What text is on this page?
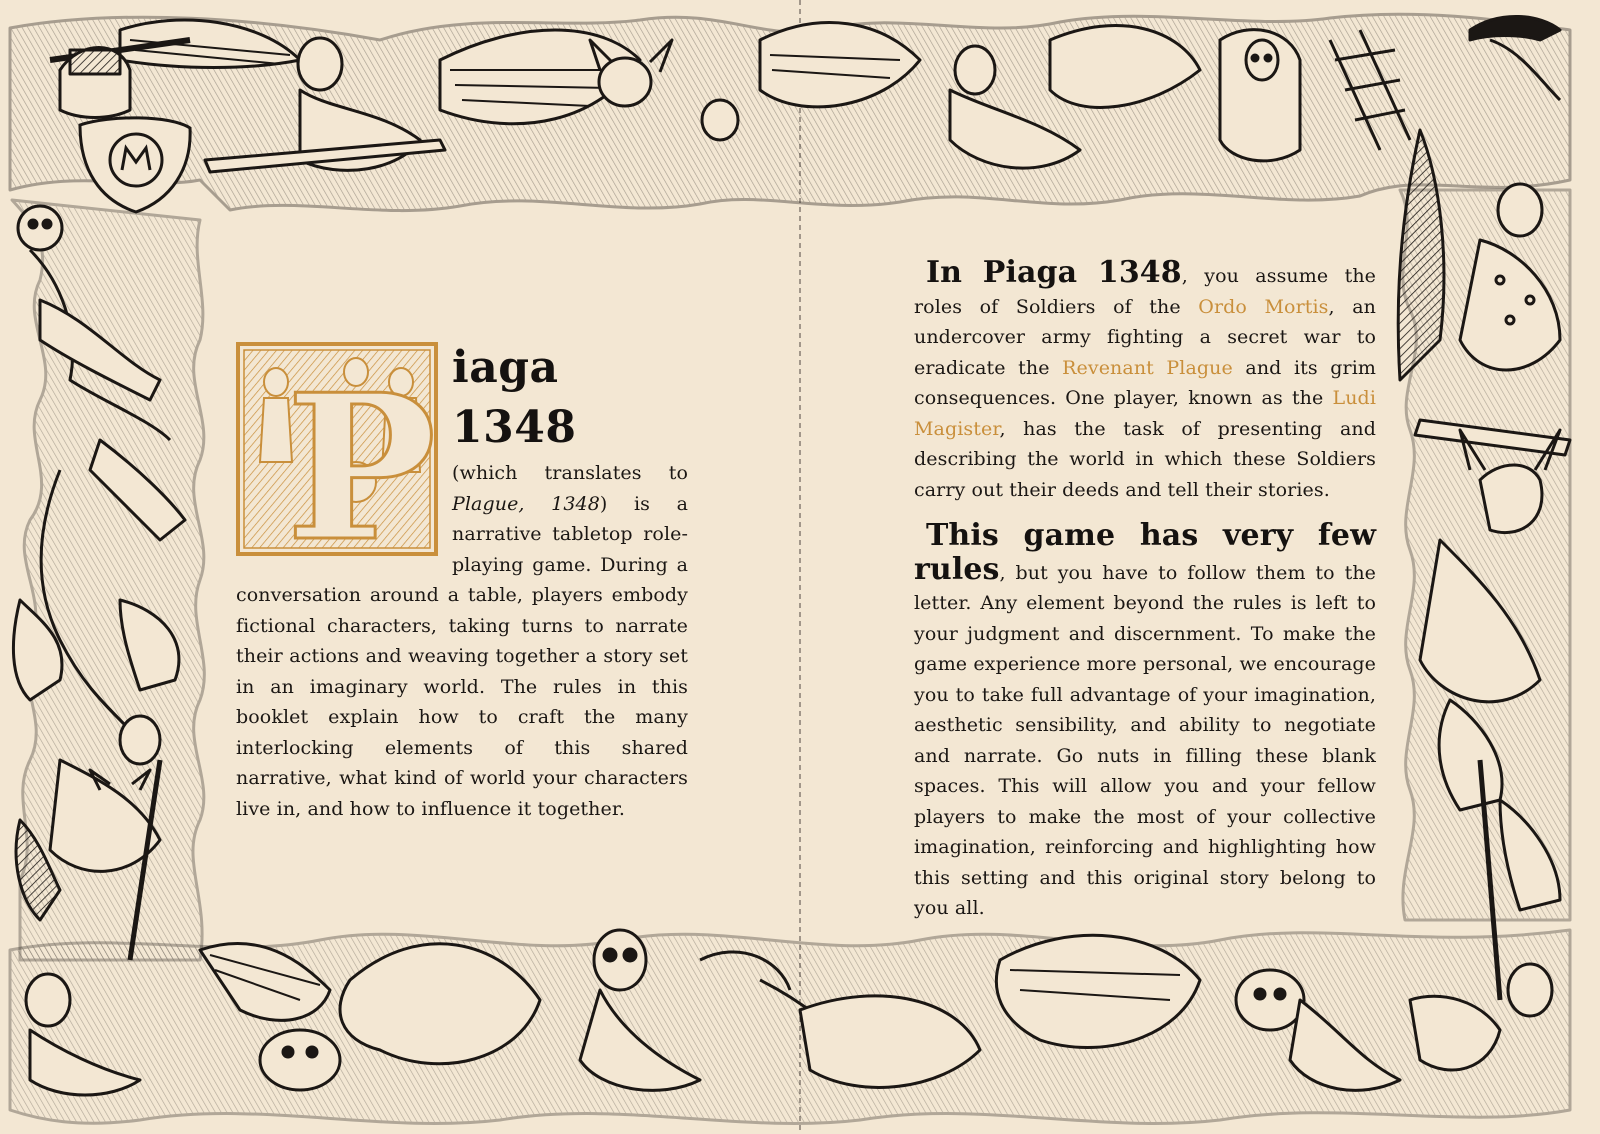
P iaga 1348
(which translates to Plague, 1348) is a narrative tabletop role-playing game. During a conversation around a table, players embody fictional characters, taking turns to narrate their actions and weaving together a story set in an imaginary world. The rules in this booklet explain how to craft the many interlocking elements of this shared narrative, what kind of world your characters live in, and how to influence it together.

In Piaga 1348, you assume the roles of Soldiers of the Ordo Mortis, an undercover army fighting a secret war to eradicate the Revenant Plague and its grim consequences. One player, known as the Ludi Magister, has the task of presenting and describing the world in which these Soldiers carry out their deeds and tell their stories.

This game has very few rules, but you have to follow them to the letter. Any element beyond the rules is left to your judgment and discernment. To make the game experience more personal, we encourage you to take full advantage of your imagination, aesthetic sensibility, and ability to negotiate and narrate. Go nuts in filling these blank spaces. This will allow you and your fellow players to make the most of your collective imagination, reinforcing and highlighting how this setting and this original story belong to you all.
